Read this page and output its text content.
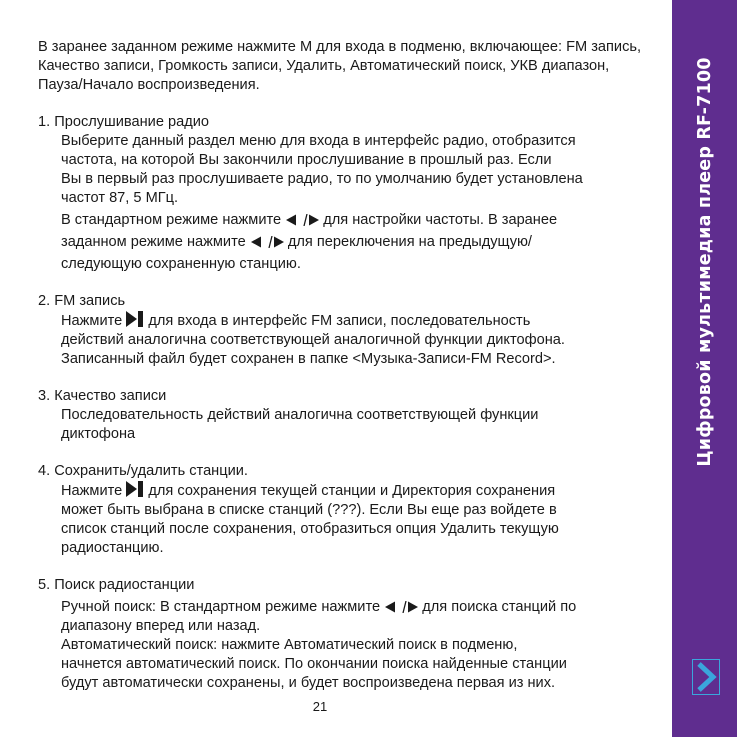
В заранее заданном режиме нажмите М для входа в подменю, включающее: FM запись, Качество записи, Громкость записи, Удалить, Автоматический поиск, УКВ диапазон, Пауза/Начало воспроизведения.

1. Прослушивание радио

Выберите данный раздел меню для входа в интерфейс радио, отобразится

частота, на которой Вы закончили прослушивание в прошлый раз. Если

Вы в первый раз прослушиваете радио, то по умолчанию будет установлена

частот 87, 5 МГц.

В стандартном режиме нажмите	для настройки частоты. В заранее

заданном режиме нажмите	для переключения на предыдущую/

следующую сохраненную станцию.

2. FM запись

Нажмите для входа в интерфейс FM записи, последовательность

действий аналогична соответствующей аналогичной функции диктофона.

Записанный файл будет сохранен в папке <Музыка-Записи-FM Record>.

3. Качество записи

Последовательность действий аналогична соответствующей функции

диктофона

4. Сохранить/удалить станции.

Нажмите для сохранения текущей станции и Директория сохранения

может быть выбрана в списке станций (???). Если Вы еще раз войдете в

список станций после сохранения, отобразиться опция Удалить текущую

радиостанцию.

5. Поиск радиостанции

Ручной поиск: В стандартном режиме нажмите	для поиска станций по

диапазону вперед или назад.

Автоматический поиск: нажмите Автоматический поиск в подменю,

начнется автоматический поиск. По окончании поиска найденные станции

будут автоматически сохранены, и будет воспроизведена первая из них.

21
Цифровой мультимедиа плеер RF-7100
